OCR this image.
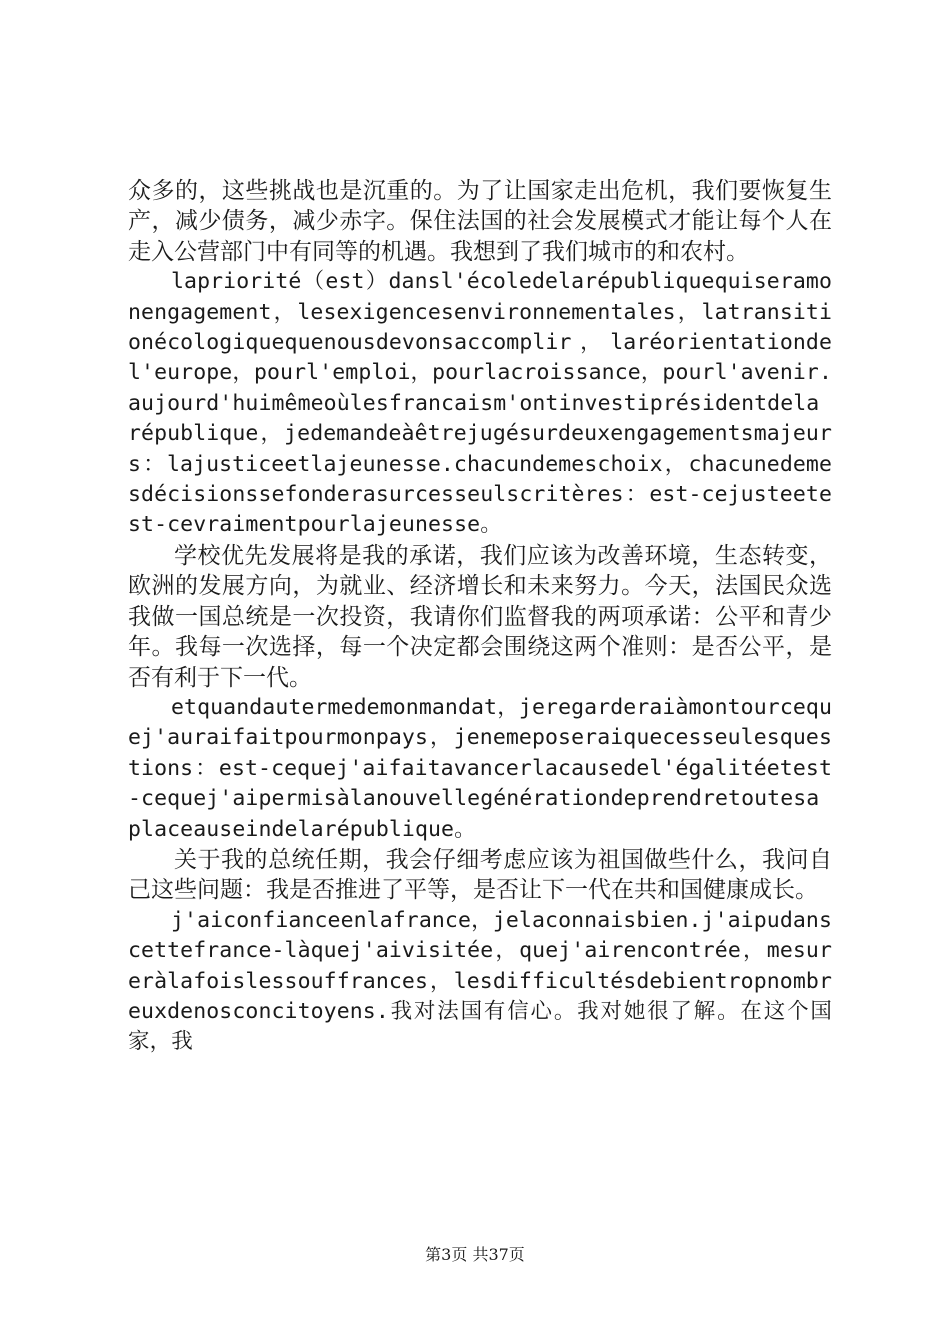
众多的，这些挑战也是沉重的。为了让国家走出危机，我们要恢复生产，减少债务，减少赤字。保住法国的社会发展模式才能让每个人在走入公营部门中有同等的机遇。我想到了我们城市的和农村。

lapriorité（est）dansl'écoledelarépubliquequiseramonengagement，lesexigencesenvironnementales，latransitionécologiquequenousdevonsaccomplir，laréorientationdel'europe，pourl'emploi，pourlacroissance，pourl'avenir.aujourd'huimêmeoùlesfrancaism'ontinvestiprésidentdelarépublique，jedemandeàêtrejugésurdeuxengagementsmajeurs：lajusticeetlajeunesse.chacundemeschoix，chacunedemesdécisionssefonderasurcesseulscritères：est-cejusteetest-cevraimentpourlajeunesse。

学校优先发展将是我的承诺，我们应该为改善环境，生态转变，欧洲的发展方向，为就业、经济增长和未来努力。今天，法国民众选我做一国总统是一次投资，我请你们监督我的两项承诺：公平和青少年。我每一次选择，每一个决定都会围绕这两个准则：是否公平，是否有利于下一代。

etquandautermedemonmandat，jeregarderaiàmontourcequej'auraifaitpourmonpays，jenemeposeraiquecesseulesquestions：est-cequej'aifaitavancerlacausedel'égalitéetest-cequej'aipermisàlanouvellegénérationdeprendretoutesaplaceauseindelarépublique。

关于我的总统任期，我会仔细考虑应该为祖国做些什么，我问自己这些问题：我是否推进了平等，是否让下一代在共和国健康成长。

j'aiconfianceenlafrance，jelaconnaisbien.j'aipudanscettefrance-làquej'aivisitée，quej'airencontrée，mesureràlafoislessouffrances，lesdifficultésdebientropnombreuxdenosconcitoyens.我对法国有信心。我对她很了解。在这个国家，我

第3页 共37页
